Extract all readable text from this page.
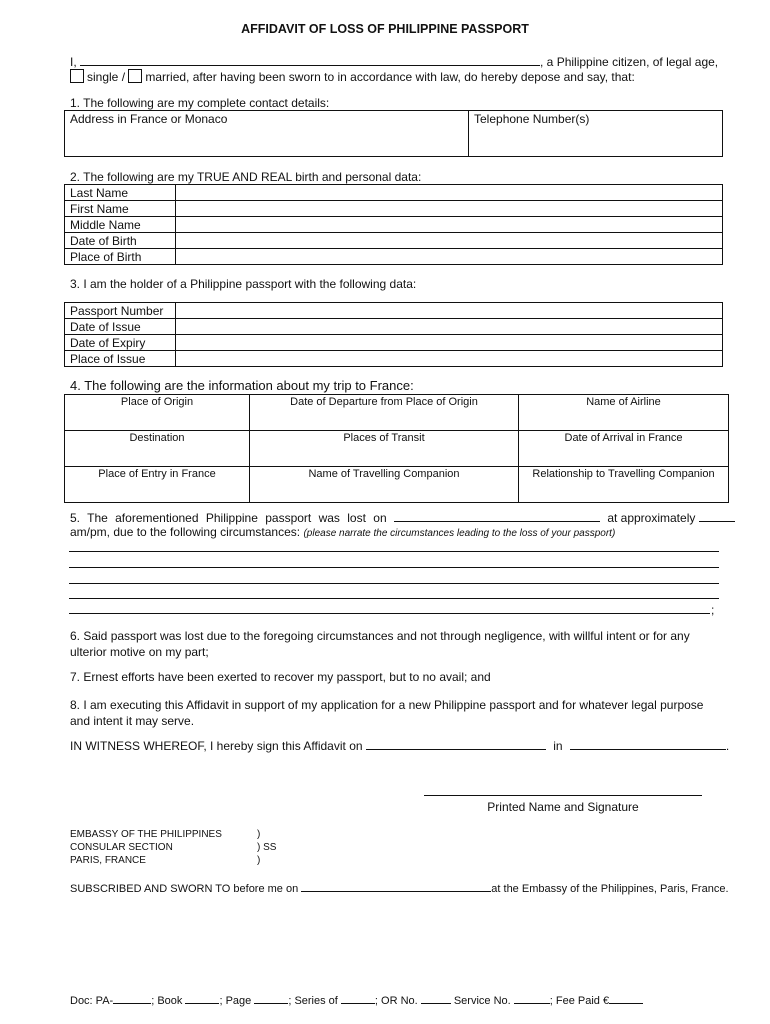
AFFIDAVIT OF LOSS OF PHILIPPINE PASSPORT
I,	, a Philippine citizen, of legal age,
single / married, after having been sworn to in accordance with law, do hereby depose and say, that:
1. The following are my complete contact details:
Address in France or Monaco	Telephone Number(s)
2. The following are my TRUE AND REAL birth and personal data:
Last Name	
First Name	
Middle Name	
Date of Birth	
Place of Birth	
3. I am the holder of a Philippine passport with the following data:
Passport Number	
Date of Issue	
Date of Expiry	
Place of Issue	
4. The following are the information about my trip to France:
Place of Origin	Date of Departure from Place of Origin	Name of Airline
Destination	Places of Transit	Date of Arrival in France
Place of Entry in France	Name of Travelling Companion	Relationship to Travelling Companion
5. The aforementioned Philippine passport was lost on	at approximately
am/pm, due to the following circumstances: (please narrate the circumstances leading to the loss of your passport)
;
6. Said passport was lost due to the foregoing circumstances and not through negligence, with willful intent or for any ulterior motive on my part;
7. Ernest efforts have been exerted to recover my passport, but to no avail; and
8. I am executing this Affidavit in support of my application for a new Philippine passport and for whatever legal purpose and intent it may serve.
IN WITNESS WHEREOF, I hereby sign this Affidavit on	in	.
Printed Name and Signature
EMBASSY OF THE PHILIPPINES
CONSULAR SECTION
PARIS, FRANCE
)
) SS
)
SUBSCRIBED AND SWORN TO before me on	at the Embassy of the Philippines, Paris, France.
Doc: PA-	; Book	; Page	; Series of	; OR No.	Service No.	; Fee Paid €
